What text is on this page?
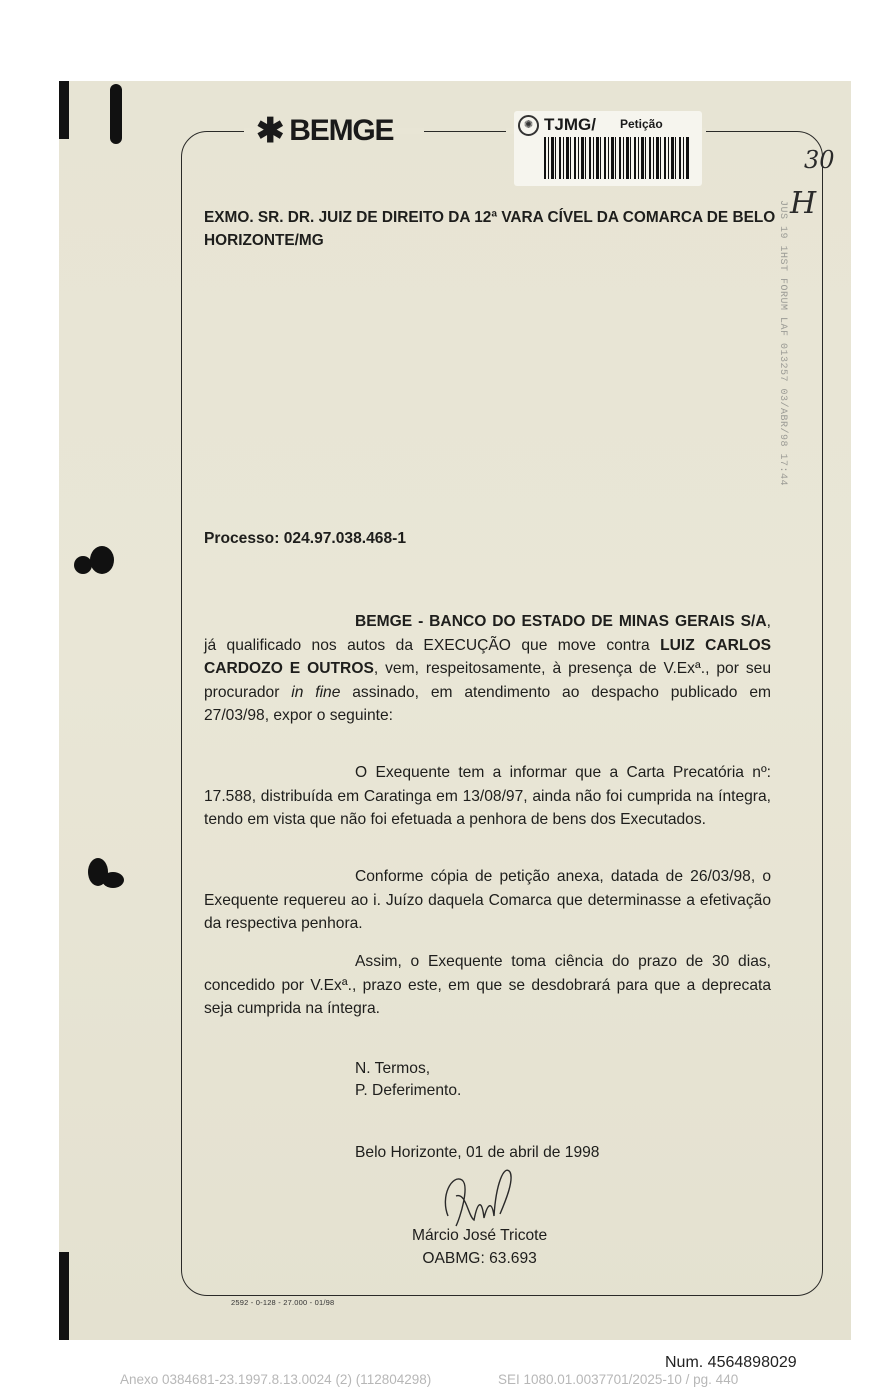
✱ BEMGE	✺ TJMG/ Petição
30
H
JUS 19 1HST FORUM LAF 013257 03/ABR/98 17:44
EXMO. SR. DR. JUIZ DE DIREITO DA 12ª VARA CÍVEL DA COMARCA DE BELO HORIZONTE/MG
Processo: 024.97.038.468-1
BEMGE - BANCO DO ESTADO DE MINAS GERAIS S/A, já qualificado nos autos da EXECUÇÃO que move contra LUIZ CARLOS CARDOZO E OUTROS, vem, respeitosamente, à presença de V.Exª., por seu procurador in fine assinado, em atendimento ao despacho publicado em 27/03/98, expor o seguinte:
O Exequente tem a informar que a Carta Precatória nº: 17.588, distribuída em Caratinga em 13/08/97, ainda não foi cumprida na íntegra, tendo em vista que não foi efetuada a penhora de bens dos Executados.
Conforme cópia de petição anexa, datada de 26/03/98, o Exequente requereu ao i. Juízo daquela Comarca que determinasse a efetivação da respectiva penhora.
Assim, o Exequente toma ciência do prazo de 30 dias, concedido por V.Exª., prazo este, em que se desdobrará para que a deprecata seja cumprida na íntegra.
N. Termos,
P. Deferimento.
Belo Horizonte, 01 de abril de 1998
Márcio José Tricote
OABMG: 63.693
2592 - 0-128 - 27.000 - 01/98
Num. 4564898029
Anexo 0384681-23.1997.8.13.0024 (2) (112804298)	SEI 1080.01.0037701/2025-10 / pg. 440
